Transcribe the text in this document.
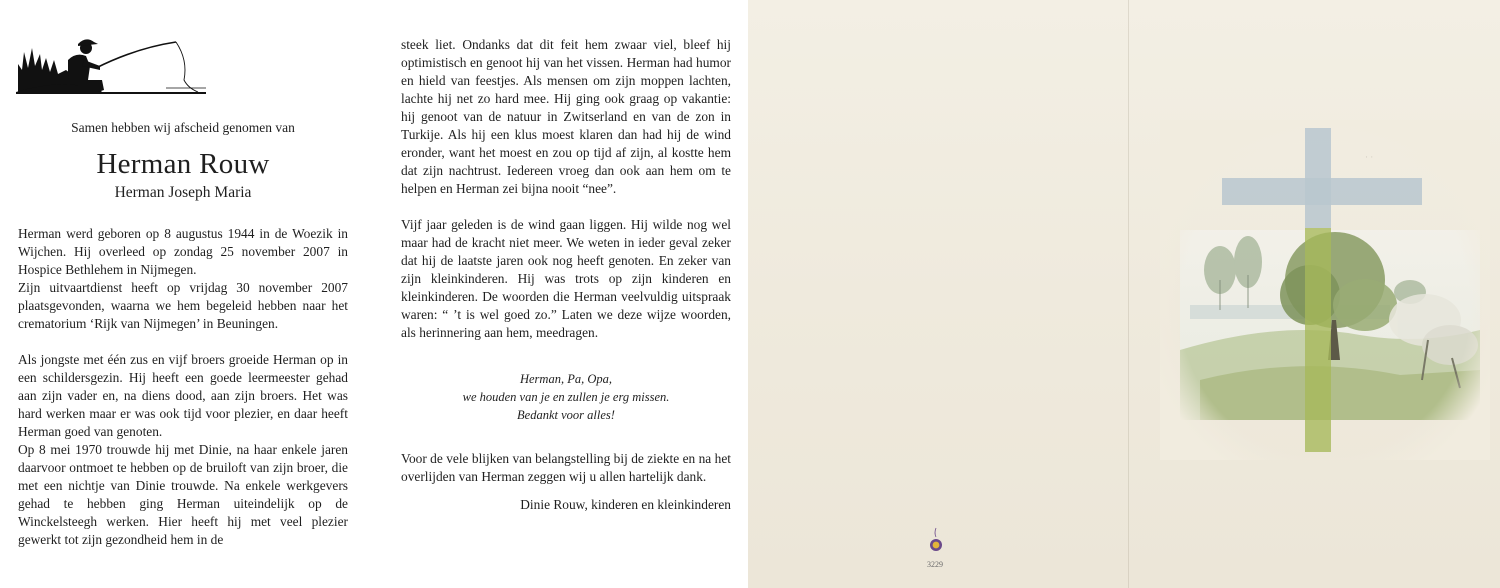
Samen hebben wij afscheid genomen van
Herman Rouw
Herman Joseph Maria

Herman werd geboren op 8 augustus 1944 in de Woezik in Wijchen. Hij overleed op zondag 25 november 2007 in Hospice Bethlehem in Nijmegen.

Zijn uitvaartdienst heeft op vrijdag 30 november 2007 plaatsgevonden, waarna we hem begeleid hebben naar het crematorium ‘Rijk van Nijmegen’ in Beuningen.

Als jongste met één zus en vijf broers groeide Herman op in een schildersgezin. Hij heeft een goede leermeester gehad aan zijn vader en, na diens dood, aan zijn broers. Het was hard werken maar er was ook tijd voor plezier, en daar heeft Herman goed van genoten.

Op 8 mei 1970 trouwde hij met Dinie, na haar enkele jaren daarvoor ontmoet te hebben op de bruiloft van zijn broer, die met een nichtje van Dinie trouwde. Na enkele werkgevers gehad te hebben ging Herman uiteindelijk op de Winckelsteegh werken. Hier heeft hij met veel plezier gewerkt tot zijn gezondheid hem in de

steek liet. Ondanks dat dit feit hem zwaar viel, bleef hij optimistisch en genoot hij van het vissen. Herman had humor en hield van feestjes. Als mensen om zijn moppen lachten, lachte hij net zo hard mee. Hij ging ook graag op vakantie: hij genoot van de natuur in Zwitserland en van de zon in Turkije. Als hij een klus moest klaren dan had hij de wind eronder, want het moest en zou op tijd af zijn, al kostte hem dat zijn nachtrust. Iedereen vroeg dan ook aan hem om te helpen en Herman zei bijna nooit “nee”.

Vijf jaar geleden is de wind gaan liggen. Hij wilde nog wel maar had de kracht niet meer. We weten in ieder geval zeker dat hij de laatste jaren ook nog heeft genoten. En zeker van zijn kleinkinderen. Hij was trots op zijn kinderen en kleinkinderen. De woorden die Herman veelvuldig uitspraak waren: “ ’t is wel goed zo.” Laten we deze wijze woorden, als herinnering aan hem, meedragen.

Herman, Pa, Opa,

we houden van je en zullen je erg missen.

Bedankt voor alles!

Voor de vele blijken van belangstelling bij de ziekte en na het overlijden van Herman zeggen wij u allen hartelijk dank.

Dinie Rouw, kinderen en kleinkinderen

3229
